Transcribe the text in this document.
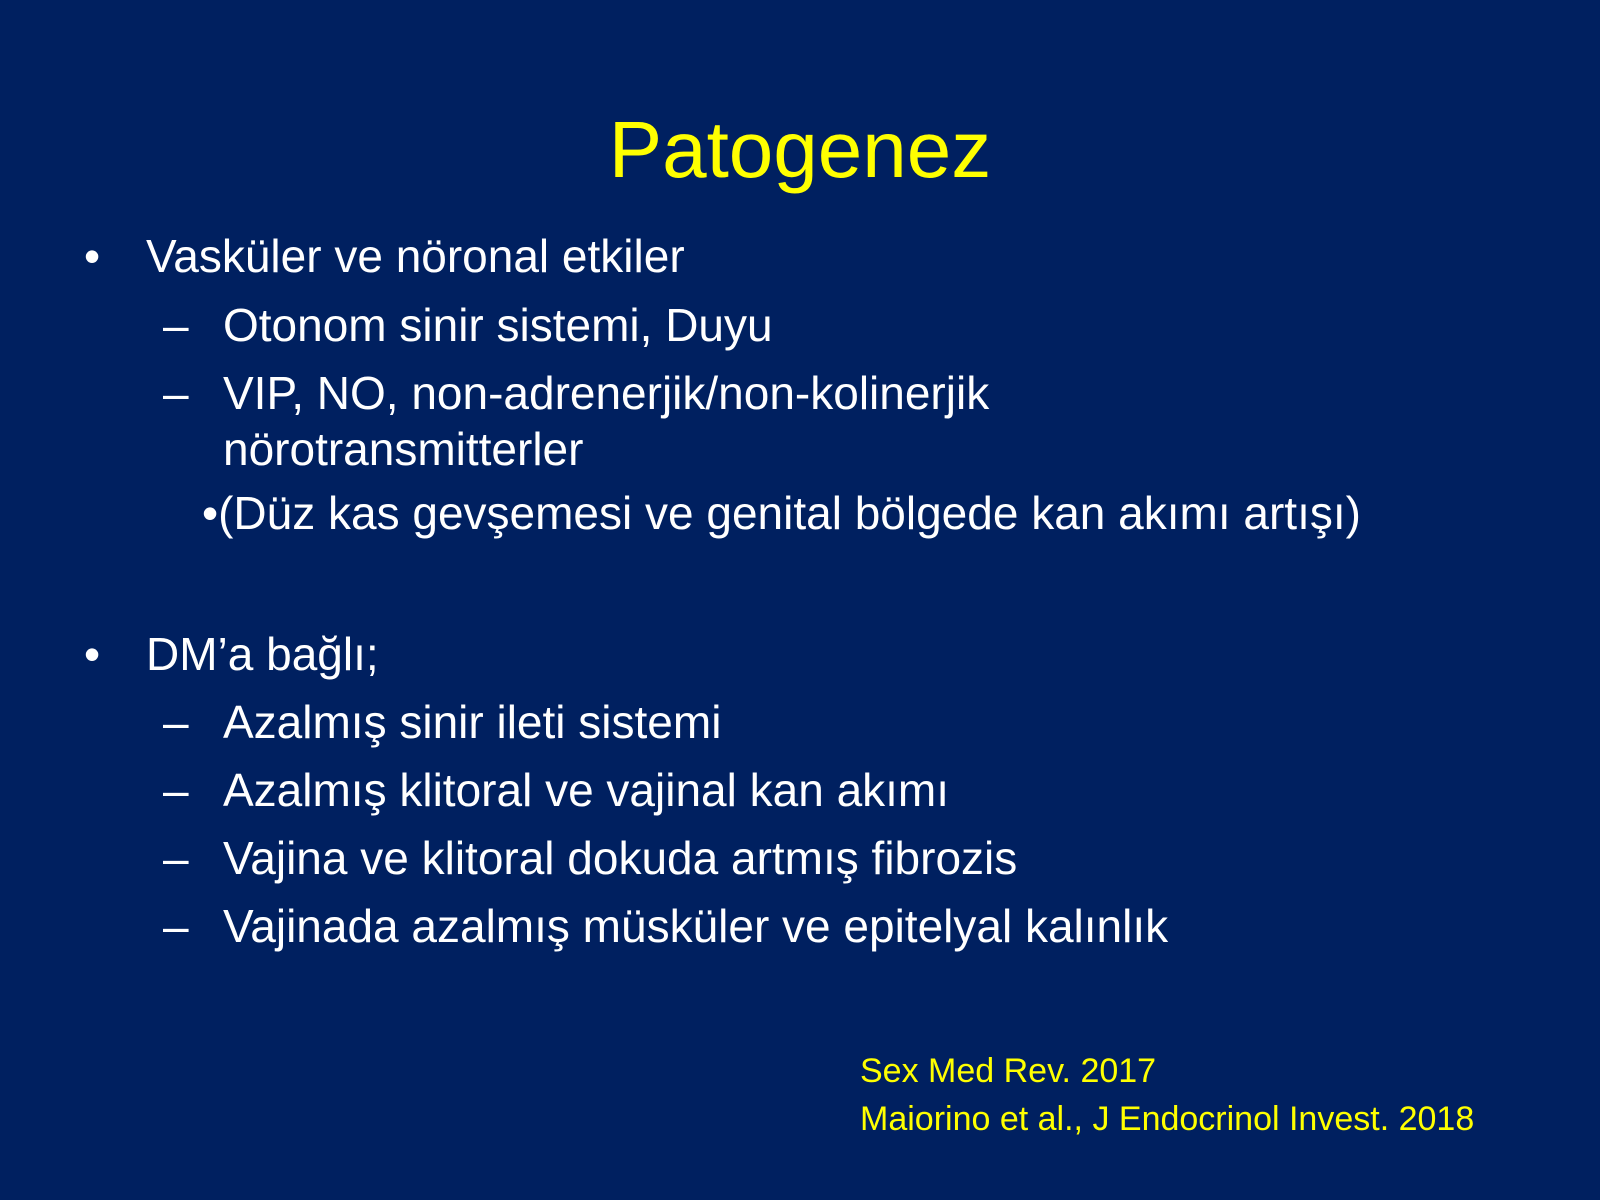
Patogenez
• Vasküler ve nöronal etkiler
– Otonom sinir sistemi, Duyu
– VIP, NO, non-adrenerjik/non-kolinerjik nörotransmitterler
•(Düz kas gevşemesi ve genital bölgede kan akımı artışı)
• DM’a bağlı;
– Azalmış sinir ileti sistemi
– Azalmış klitoral ve vajinal kan akımı
– Vajina ve klitoral dokuda artmış fibrozis
– Vajinada azalmış müsküler ve epitelyal kalınlık
Sex Med Rev. 2017
Maiorino et al., J Endocrinol Invest. 2018
